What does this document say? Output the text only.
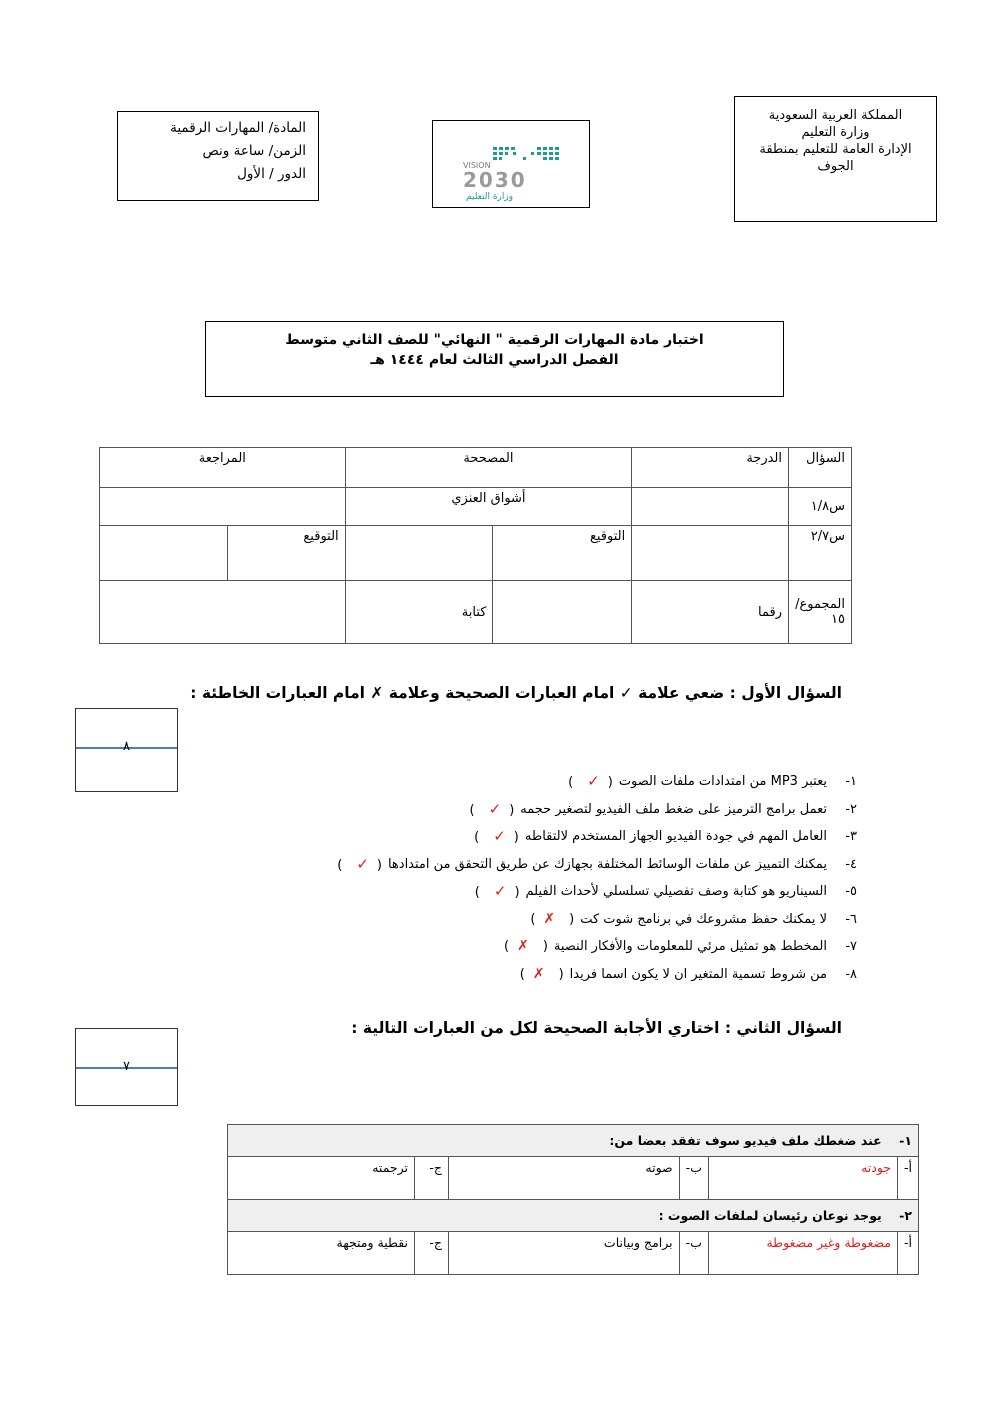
المملكة العربية السعودية
وزارة التعليم
الإدارة العامة للتعليم بمنطقة
الجوف
VISION
2030
وزارة التعليم
المادة/ المهارات الرقمية
الزمن/ ساعة ونص
الدور / الأول
اختبار مادة المهارات الرقمية " النهائي" للصف الثاني متوسط
الفصل الدراسي الثالث لعام ١٤٤٤ هـ
السؤال	الدرجة	المصححة		المراجعة	
س١/٨		أشواق العنزي			
س٢/٧		التوقيع		التوقيع	
المجموع/١٥	رقما		كتابة		
السؤال الأول : ضعي علامة ✓ امام العبارات الصحيحة وعلامة ✗ امام العبارات الخاطئة :
٨
١-
يعتبر MP3 من امتدادات ملفات الصوت
(✓)
٢-
تعمل برامج الترميز على ضغط ملف الفيديو لتصغير حجمه
(✓)
٣-
العامل المهم في جودة الفيديو الجهاز المستخدم لالتقاطه
(✓)
٤-
يمكنك التمييز عن ملفات الوسائط المختلفة بجهازك عن طريق التحقق من امتدادها
(✓)
٥-
السيناريو هو كتابة وصف تفصيلي تسلسلي لأحداث الفيلم
(✓)
٦-
لا يمكنك حفظ مشروعك في برنامج شوت كت
(✗)
٧-
المخطط هو تمثيل مرئي للمعلومات والأفكار النصية
(✗)
٨-
من شروط تسمية المتغير ان لا يكون اسما فريدا
(✗)
السؤال الثاني : اختاري الأجابة الصحيحة لكل من العبارات التالية :
٧
١-    عند ضغطك ملف فيديو سوف تفقد بعضا من:					
أ-	جودته	ب-	صوته	ج-	ترجمته
٢-    يوجد نوعان رئيسان لملفات الصوت :					
أ-	مضغوطة وغير مضغوطة	ب-	برامج وبيانات	ج-	نقطية ومتجهة
